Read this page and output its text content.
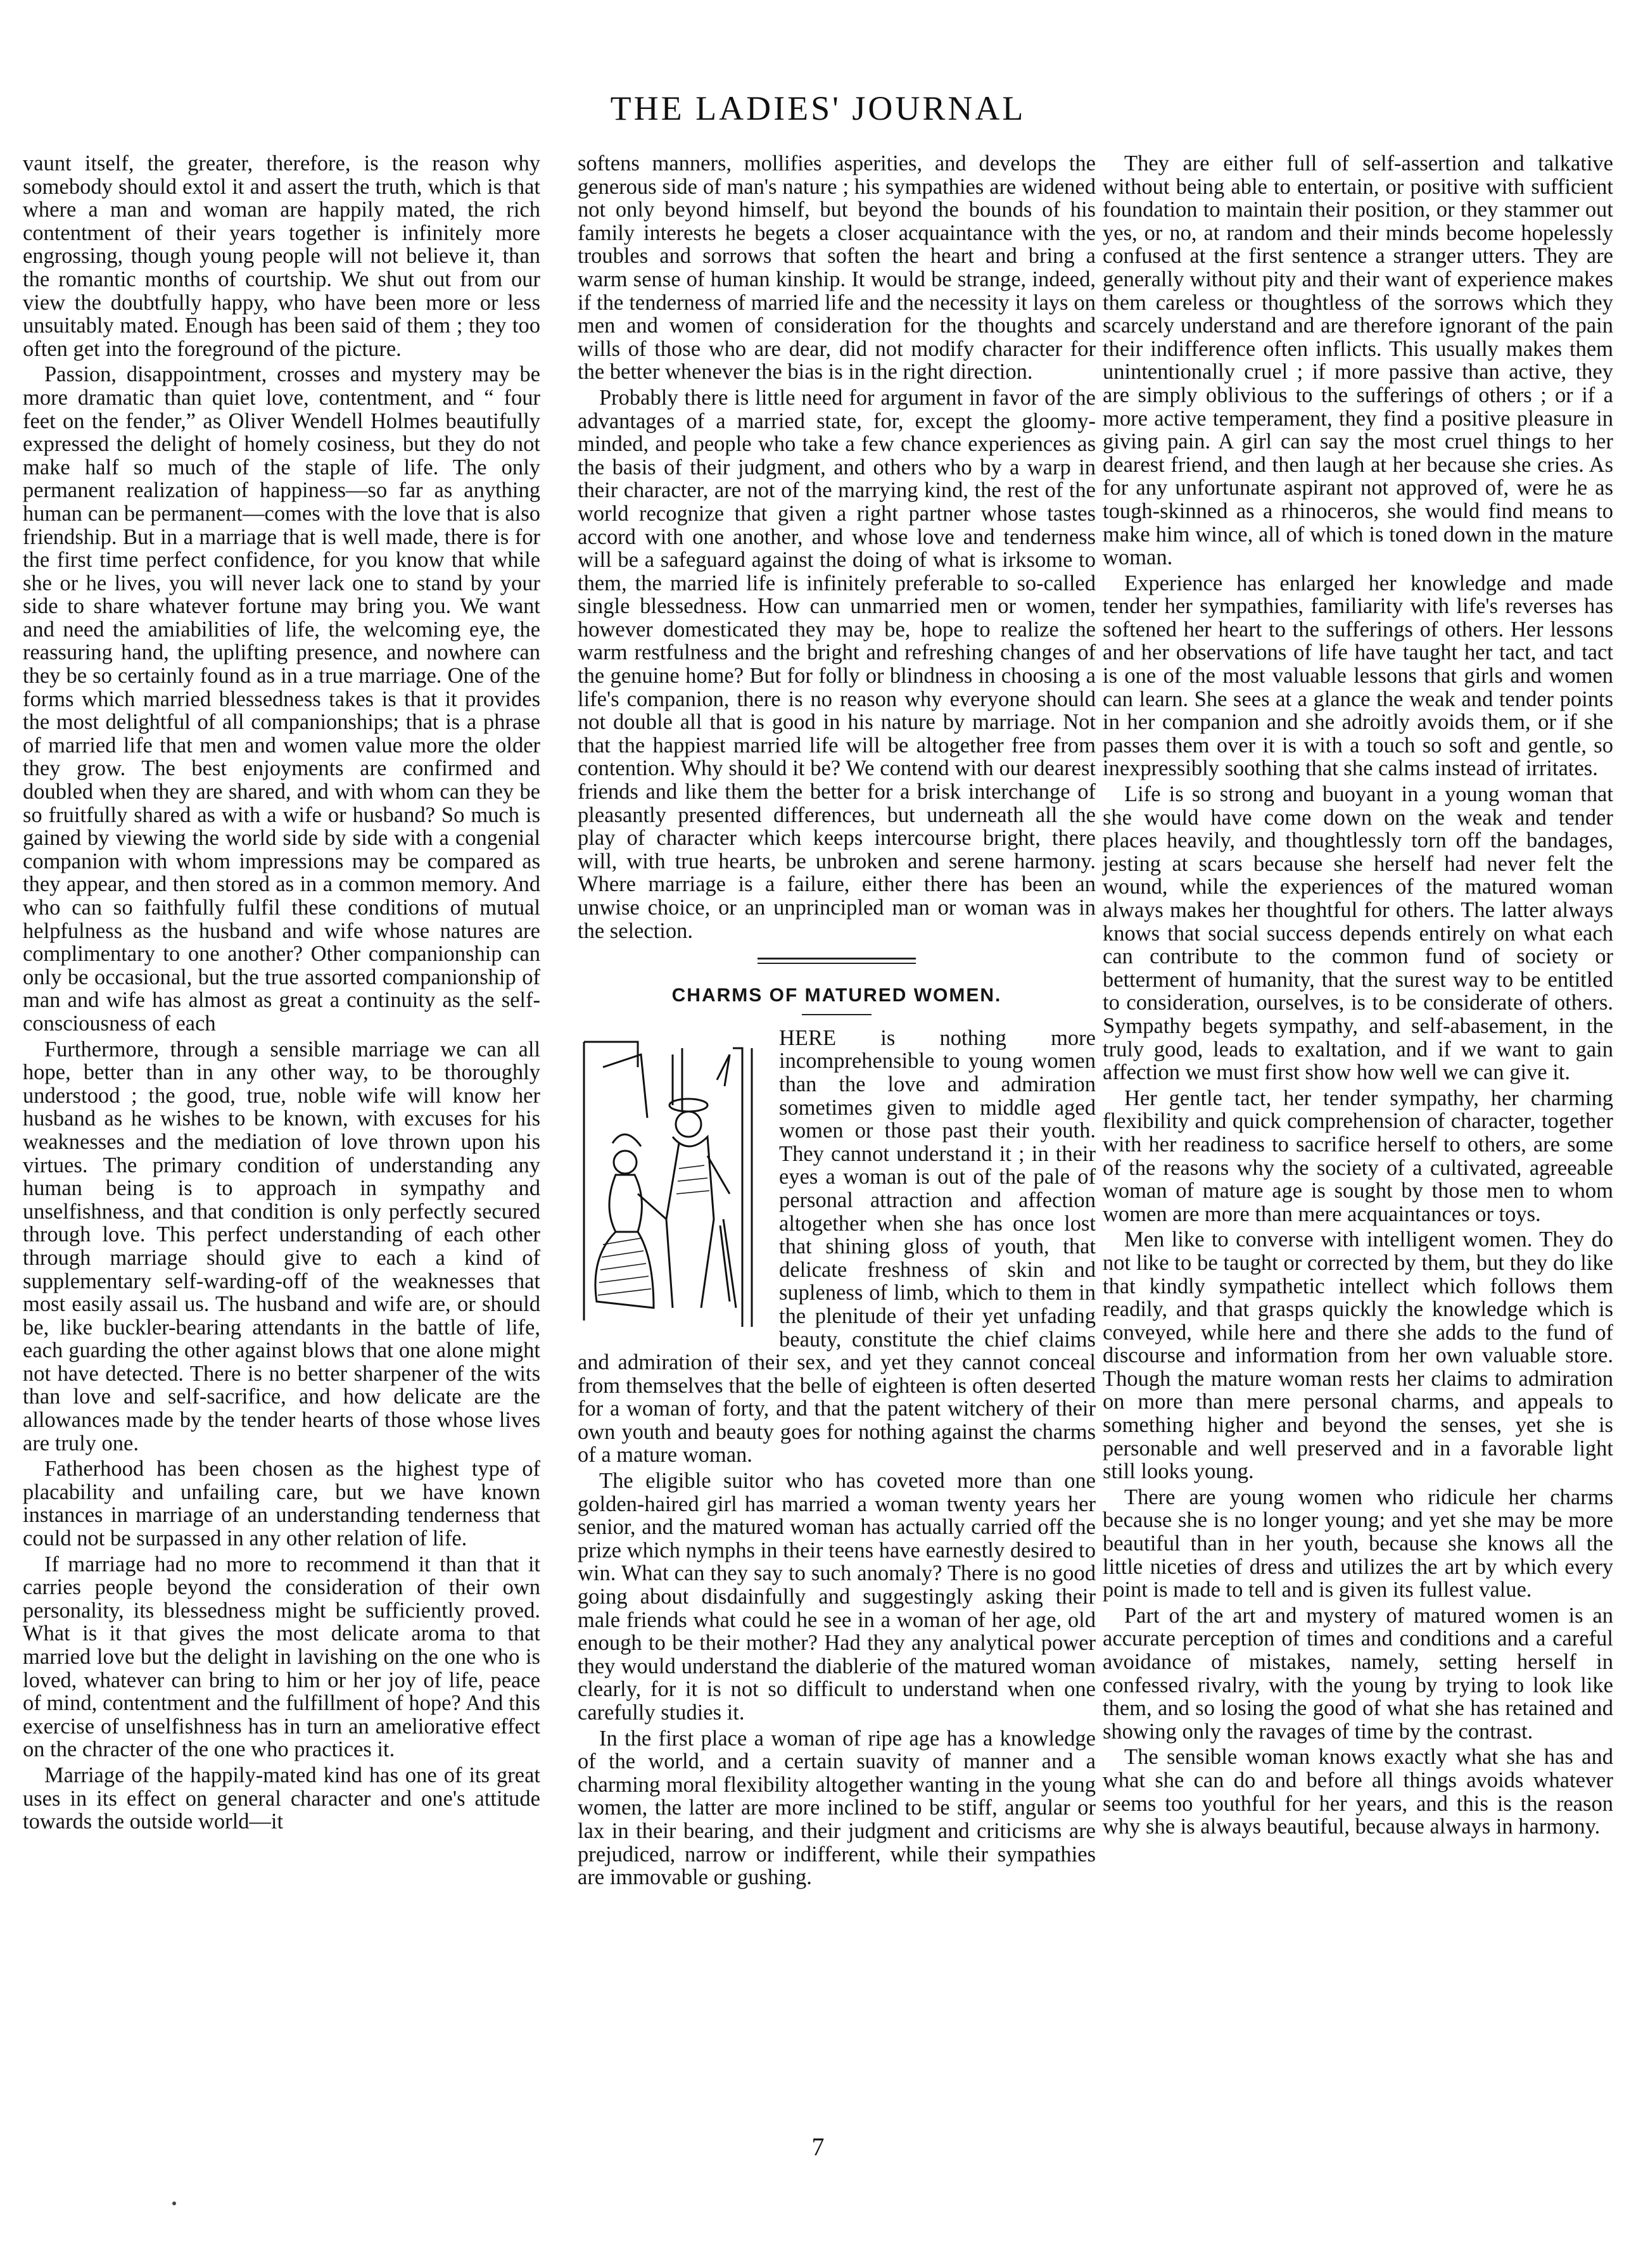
THE LADIES' JOURNAL

vaunt itself, the greater, therefore, is the reason why somebody should extol it and assert the truth, which is that where a man and woman are happily mated, the rich contentment of their years together is infinitely more engrossing, though young people will not believe it, than the romantic months of courtship. We shut out from our view the doubtfully happy, who have been more or less unsuitably mated. Enough has been said of them ; they too often get into the foreground of the picture.

Passion, disappointment, crosses and mystery may be more dramatic than quiet love, contentment, and “ four feet on the fender,” as Oliver Wendell Holmes beautifully expressed the delight of homely cosiness, but they do not make half so much of the staple of life. The only permanent realization of happiness—so far as anything human can be permanent—comes with the love that is also friendship. But in a marriage that is well made, there is for the first time perfect confidence, for you know that while she or he lives, you will never lack one to stand by your side to share whatever fortune may bring you. We want and need the amiabilities of life, the welcoming eye, the reassuring hand, the uplifting presence, and nowhere can they be so certainly found as in a true marriage. One of the forms which married blessedness takes is that it provides the most delightful of all companionships; that is a phrase of married life that men and women value more the older they grow. The best enjoyments are confirmed and doubled when they are shared, and with whom can they be so fruitfully shared as with a wife or husband? So much is gained by viewing the world side by side with a congenial companion with whom impressions may be compared as they appear, and then stored as in a common memory. And who can so faithfully fulfil these conditions of mutual helpfulness as the husband and wife whose natures are complimentary to one another? Other companionship can only be occasional, but the true assorted companionship of man and wife has almost as great a continuity as the self-consciousness of each

Furthermore, through a sensible marriage we can all hope, better than in any other way, to be thoroughly understood ; the good, true, noble wife will know her husband as he wishes to be known, with excuses for his weaknesses and the mediation of love thrown upon his virtues. The primary condition of understanding any human being is to approach in sympathy and unselfishness, and that condition is only perfectly secured through love. This perfect understanding of each other through marriage should give to each a kind of supplementary self-warding-off of the weaknesses that most easily assail us. The husband and wife are, or should be, like buckler-bearing attendants in the battle of life, each guarding the other against blows that one alone might not have detected. There is no better sharpener of the wits than love and self-sacrifice, and how delicate are the allowances made by the tender hearts of those whose lives are truly one.

Fatherhood has been chosen as the highest type of placability and unfailing care, but we have known instances in marriage of an understanding tenderness that could not be surpassed in any other relation of life.

If marriage had no more to recommend it than that it carries people beyond the consideration of their own personality, its blessedness might be sufficiently proved. What is it that gives the most delicate aroma to that married love but the delight in lavishing on the one who is loved, whatever can bring to him or her joy of life, peace of mind, contentment and the fulfillment of hope? And this exercise of unselfishness has in turn an ameliorative effect on the chracter of the one who practices it.

Marriage of the happily-mated kind has one of its great uses in its effect on general character and one's attitude towards the outside world—it

softens manners, mollifies asperities, and develops the generous side of man's nature ; his sympathies are widened not only beyond himself, but beyond the bounds of his family interests he begets a closer acquaintance with the troubles and sorrows that soften the heart and bring a warm sense of human kinship. It would be strange, indeed, if the tenderness of married life and the necessity it lays on men and women of consideration for the thoughts and wills of those who are dear, did not modify character for the better whenever the bias is in the right direction.

Probably there is little need for argument in favor of the advantages of a married state, for, except the gloomy-minded, and people who take a few chance experiences as the basis of their judgment, and others who by a warp in their character, are not of the marrying kind, the rest of the world recognize that given a right partner whose tastes accord with one another, and whose love and tenderness will be a safeguard against the doing of what is irksome to them, the married life is infinitely preferable to so-called single blessedness. How can unmarried men or women, however domesticated they may be, hope to realize the warm restfulness and the bright and refreshing changes of the genuine home? But for folly or blindness in choosing a life's companion, there is no reason why everyone should not double all that is good in his nature by marriage. Not that the happiest married life will be altogether free from contention. Why should it be? We contend with our dearest friends and like them the better for a brisk interchange of pleasantly presented differences, but underneath all the play of character which keeps intercourse bright, there will, with true hearts, be unbroken and serene harmony. Where marriage is a failure, either there has been an unwise choice, or an unprincipled man or woman was in the selection.

CHARMS OF MATURED WOMEN.

HERE is nothing more incomprehensible to young women than the love and admiration sometimes given to middle aged women or those past their youth. They cannot understand it ; in their eyes a woman is out of the pale of personal attraction and affection altogether when she has once lost that shining gloss of youth, that delicate freshness of skin and supleness of limb, which to them in the plenitude of their yet unfading beauty, constitute the chief claims and admiration of their sex, and yet they cannot conceal from themselves that the belle of eighteen is often deserted for a woman of forty, and that the patent witchery of their own youth and beauty goes for nothing against the charms of a mature woman.

The eligible suitor who has coveted more than one golden-haired girl has married a woman twenty years her senior, and the matured woman has actually carried off the prize which nymphs in their teens have earnestly desired to win. What can they say to such anomaly? There is no good going about disdainfully and suggestingly asking their male friends what could he see in a woman of her age, old enough to be their mother? Had they any analytical power they would understand the diablerie of the matured woman clearly, for it is not so difficult to understand when one carefully studies it.

In the first place a woman of ripe age has a knowledge of the world, and a certain suavity of manner and a charming moral flexibility altogether wanting in the young women, the latter are more inclined to be stiff, angular or lax in their bearing, and their judgment and criticisms are prejudiced, narrow or indifferent, while their sympathies are immovable or gushing.

They are either full of self-assertion and talkative without being able to entertain, or positive with sufficient foundation to maintain their position, or they stammer out yes, or no, at random and their minds become hopelessly confused at the first sentence a stranger utters. They are generally without pity and their want of experience makes them careless or thoughtless of the sorrows which they scarcely understand and are therefore ignorant of the pain their indifference often inflicts. This usually makes them unintentionally cruel ; if more passive than active, they are simply oblivious to the sufferings of others ; or if a more active temperament, they find a positive pleasure in giving pain. A girl can say the most cruel things to her dearest friend, and then laugh at her because she cries. As for any unfortunate aspirant not approved of, were he as tough-skinned as a rhinoceros, she would find means to make him wince, all of which is toned down in the mature woman.

Experience has enlarged her knowledge and made tender her sympathies, familiarity with life's reverses has softened her heart to the sufferings of others. Her lessons and her observations of life have taught her tact, and tact is one of the most valuable lessons that girls and women can learn. She sees at a glance the weak and tender points in her companion and she adroitly avoids them, or if she passes them over it is with a touch so soft and gentle, so inexpressibly soothing that she calms instead of irritates.

Life is so strong and buoyant in a young woman that she would have come down on the weak and tender places heavily, and thoughtlessly torn off the bandages, jesting at scars because she herself had never felt the wound, while the experiences of the matured woman always makes her thoughtful for others. The latter always knows that social success depends entirely on what each can contribute to the common fund of society or betterment of humanity, that the surest way to be entitled to consideration, ourselves, is to be considerate of others. Sympathy begets sympathy, and self-abasement, in the truly good, leads to exaltation, and if we want to gain affection we must first show how well we can give it.

Her gentle tact, her tender sympathy, her charming flexibility and quick comprehension of character, together with her readiness to sacrifice herself to others, are some of the reasons why the society of a cultivated, agreeable woman of mature age is sought by those men to whom women are more than mere acquaintances or toys.

Men like to converse with intelligent women. They do not like to be taught or corrected by them, but they do like that kindly sympathetic intellect which follows them readily, and that grasps quickly the knowledge which is conveyed, while here and there she adds to the fund of discourse and information from her own valuable store. Though the mature woman rests her claims to admiration on more than mere personal charms, and appeals to something higher and beyond the senses, yet she is personable and well preserved and in a favorable light still looks young.

There are young women who ridicule her charms because she is no longer young; and yet she may be more beautiful than in her youth, because she knows all the little niceties of dress and utilizes the art by which every point is made to tell and is given its fullest value.

Part of the art and mystery of matured women is an accurate perception of times and conditions and a careful avoidance of mistakes, namely, setting herself in confessed rivalry, with the young by trying to look like them, and so losing the good of what she has retained and showing only the ravages of time by the contrast.

The sensible woman knows exactly what she has and what she can do and before all things avoids whatever seems too youthful for her years, and this is the reason why she is always beautiful, because always in harmony.

7
